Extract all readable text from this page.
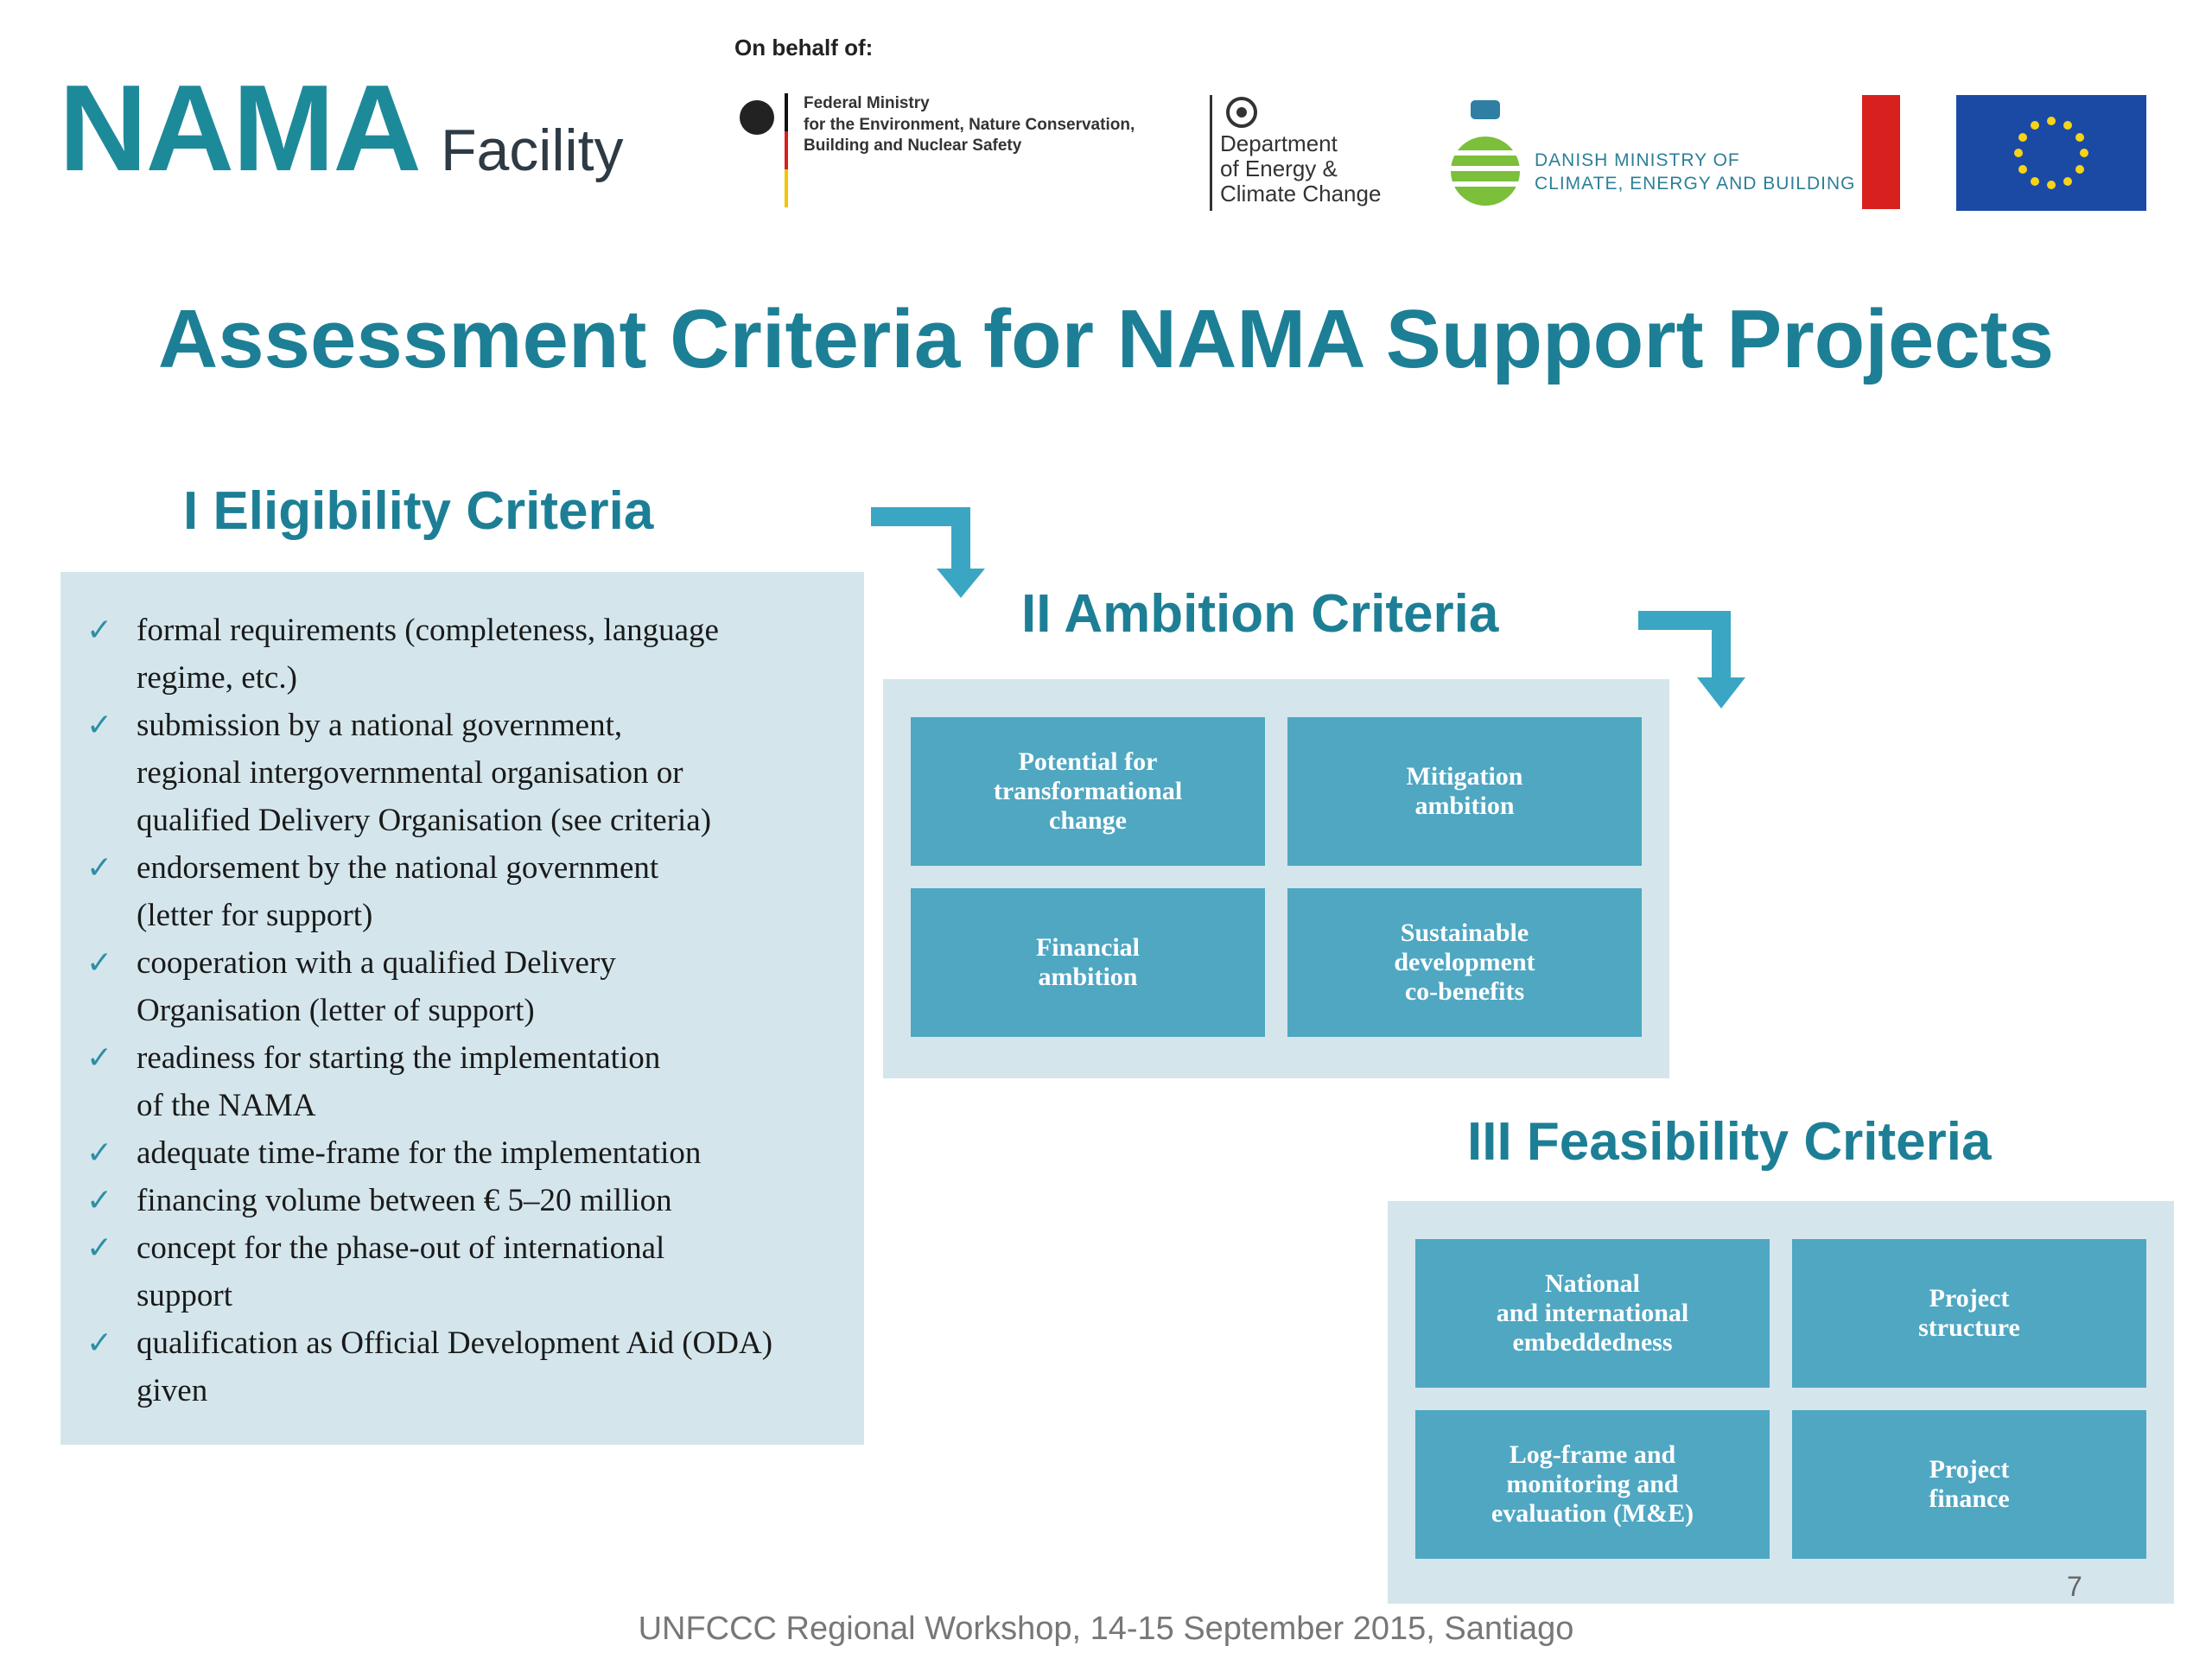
NAMA Facility
On behalf of:
Federal Ministry
for the Environment, Nature Conservation,
Building and Nuclear Safety	Department
of Energy &
Climate Change
DANISH MINISTRY OF
CLIMATE, ENERGY AND BUILDING
Assessment Criteria for NAMA Support Projects
I Eligibility Criteria
✓ formal requirements (completeness, language
regime, etc.)
✓ submission by a national government,
regional intergovernmental organisation or
qualified Delivery Organisation (see criteria)
✓ endorsement by the national government
(letter for support)
✓ cooperation with a qualified Delivery
Organisation (letter of support)
✓ readiness for starting the implementation
of the NAMA
✓ adequate time-frame for the implementation
✓ financing volume between € 5–20 million
✓ concept for the phase-out of international
support
✓ qualification as Official Development Aid (ODA)
given
II Ambition Criteria
Potential for
transformational
change
Mitigation
ambition
Financial
ambition
Sustainable
development
co-benefits
III Feasibility Criteria
National
and international
embeddedness
Project
structure
Log-frame and
monitoring and
evaluation (M&E)
Project
finance
7
UNFCCC Regional Workshop, 14-15 September 2015, Santiago
